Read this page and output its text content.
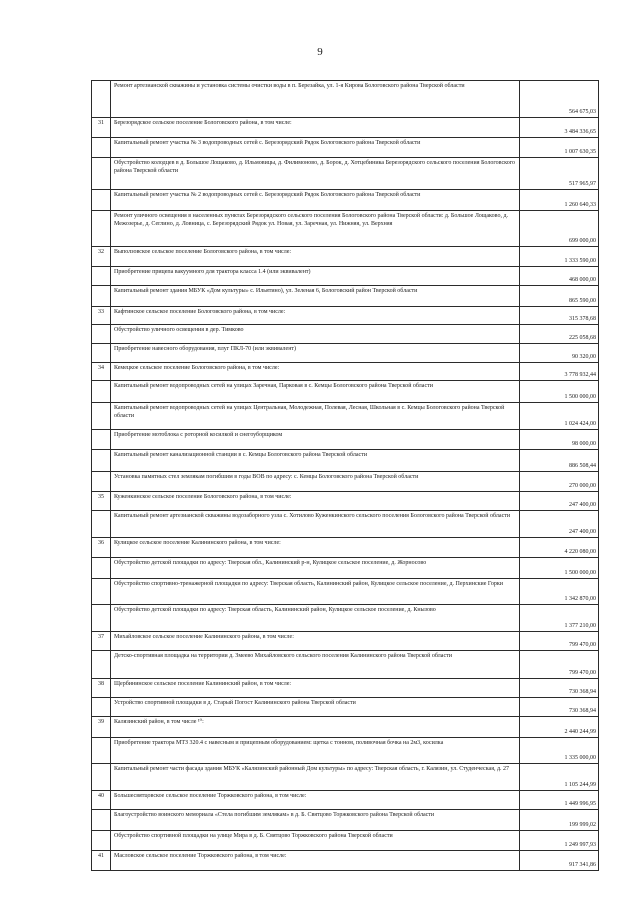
9
	Ремонт артезианской скважины и установка системы очистки воды в п. Березайка, ул. 1-я Кирова Бологовского района Тверской области	564 675,03
31	Березорядское сельское поселение Бологовского района, в том числе:	3 484 336,65
	Капитальный ремонт участка № 3 водопроводных сетей с. Березорядский Рядок Бологовского района Тверской области	1 007 630,35
	Обустройство колодцев в д. Большое Лощаково, д. Ильмовицы, д. Филимоново, д. Борок, д. Хотцебиника Березорядского сельского поселения Бологовского района Тверской области	517 965,97
	Капитальный ремонт участка № 2 водопроводных сетей с. Березорядский Рядок Бологовского района Тверской области	1 260 640,33
	Ремонт уличного освещения в населенных пунктах Березорядского сельского поселения Бологовского района Тверской области: д. Большое Лощаково, д. Межозерье, д. Сеглино, д. Ловница, с. Березорядский Рядок ул. Новая, ул. Заречная, ул. Нижняя, ул. Верхняя	699 000,00
32	Выползовское сельское поселение Бологовского района, в том числе:	1 333 590,00
	Приобретение прицепа вакуумного для трактора класса 1.4 (или эквивалент)	468 000,00
	Капитальный ремонт здания МБУК «Дом культуры» с. Ильятино), ул. Зеленая 6, Бологовский район Тверской области	865 590,00
33	Кафтинское сельское поселение Бологовского района, в том числе:	315 378,68
	Обустройство уличного освещения в дер. Тимково	225 058,68
	Приобретение навесного оборудования, плуг ПКЛ-70 (или эквивалент)	90 320,00
34	Кемецкое сельское поселение Бологовского района, в том числе:	3 778 932,44
	Капитальный ремонт водопроводных сетей на улицах Заречная, Парковая в с. Кемцы Бологовского района Тверской области	1 500 000,00
	Капитальный ремонт водопроводных сетей на улицах Центральная, Молодежная, Полевая, Лесная, Школьная в с. Кемцы Бологовского района Тверской области	1 024 424,00
	Приобретение мотоблока с роторной косилкой и снегоуборщиком	98 000,00
	Капитальный ремонт канализационной станции в с. Кемцы Бологовского района Тверской области	886 508,44
	Установка памятных стел землякам погибшим в годы ВОВ по адресу: с. Кемцы Бологовского района Тверской области	270 000,00
35	Куженкинское сельское поселение Бологовского района, в том числе:	247 400,00
	Капитальный ремонт артезианской скважины водозаборного узла с. Хотилово Куженкинского сельского поселения Бологовского района Тверской области	247 400,00
36	Кулицкое сельское поселение Калининского района, в том числе:	4 220 080,00
	Обустройство детской площадки по адресу: Тверская обл., Калининский р-н, Кулицкое сельское поселение, д. Жорносово	1 500 000,00
	Обустройство спортивно-тренажерной площадки по адресу: Тверская область, Калининский район, Кулицкое сельское поселение, д. Перхинские Горки	1 342 870,00
	Обустройство детской площадки по адресу: Тверская область, Калининский район, Кулицкое сельское поселение, д. Кнызово	1 377 210,00
37	Михайловское сельское поселение Калининского района, в том числе:	799 470,00
	Детско-спортивная площадка на территории д. Змеево Михайловского сельского поселения Калининского района Тверской области	799 470,00
38	Щербининское сельское поселение Калининский район, в том числе:	730 368,94
	Устройство спортивной площадки в д. Старый Погост Калининского района Тверской области	730 368,94
39	Калязинский район, в том числе ¹⁰:	2 440 244,99
	Приобретение трактора МТЗ 320.4 с навесным и прицепным оборудованием: щетка с тонном, поливочная бочка на 2м3, косилка	1 335 000,00
	Капитальный ремонт части фасада здания МБУК «Калязинский районный Дом культуры» по адресу: Тверская область, г. Калязин, ул. Студенческая, д. 27	1 105 244,99
40	Большесвятцовское сельское поселение Торжковского района, в том числе:	1 449 996,95
	Благоустройство воинского мемориала «Стела погибшим землякам» в д. Б. Святцово Торжковского района Тверской области	199 999,02
	Обустройство спортивной площадки на улице Мира в д. Б. Святцово Торжковского района Тверской области	1 249 997,93
41	Масловское сельское поселение Торжковского района, в том числе:	917 341,86
